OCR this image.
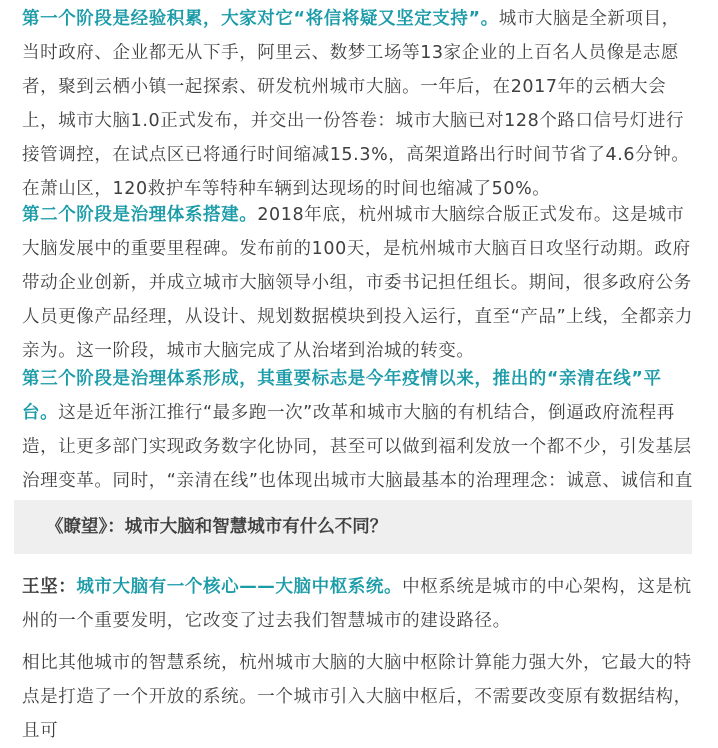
第一个阶段是经验积累，大家对它“将信将疑又坚定支持”。城市大脑是全新项目，当时政府、企业都无从下手，阿里云、数梦工场等13家企业的上百名人员像是志愿者，聚到云栖小镇一起探索、研发杭州城市大脑。一年后，在2017年的云栖大会上，城市大脑1.0正式发布，并交出一份答卷：城市大脑已对128个路口信号灯进行接管调控，在试点区已将通行时间缩减15.3%，高架道路出行时间节省了4.6分钟。在萧山区，120救护车等特种车辆到达现场的时间也缩减了50%。

第二个阶段是治理体系搭建。2018年底，杭州城市大脑综合版正式发布。这是城市大脑发展中的重要里程碑。发布前的100天，是杭州城市大脑百日攻坚行动期。政府带动企业创新，并成立城市大脑领导小组，市委书记担任组长。期间，很多政府公务人员更像产品经理，从设计、规划数据模块到投入运行，直至“产品”上线，全都亲力亲为。这一阶段，城市大脑完成了从治堵到治城的转变。

第三个阶段是治理体系形成，其重要标志是今年疫情以来，推出的“亲清在线”平台。这是近年浙江推行“最多跑一次”改革和城市大脑的有机结合，倒逼政府流程再造，让更多部门实现政务数字化协同，甚至可以做到福利发放一个都不少，引发基层治理变革。同时，“亲清在线”也体现出城市大脑最基本的治理理念：诚意、诚信和直

《瞭望》：城市大脑和智慧城市有什么不同？

王坚：城市大脑有一个核心——大脑中枢系统。中枢系统是城市的中心架构，这是杭州的一个重要发明，它改变了过去我们智慧城市的建设路径。

相比其他城市的智慧系统，杭州城市大脑的大脑中枢除计算能力强大外，它最大的特点是打造了一个开放的系统。一个城市引入大脑中枢后，不需要改变原有数据结构，且可
